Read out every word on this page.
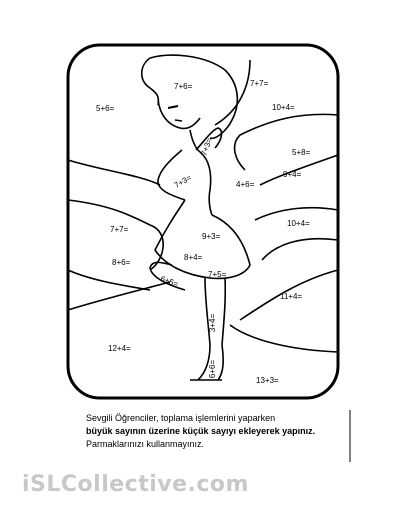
7+6=	7+7=
5+6=	10+4=
5+8=
7+3=
7+3=	4+6=
9+4=
10+4=
7+7=
9+3=
8+6=
8+4=
7+5=
6+5=
11+4=
3+4=
12+4=
6+6=
13+3=
Sevgili Öğrenciler, toplama işlemlerini yaparken
büyük sayının üzerine küçük sayıyı ekleyerek yapınız.
Parmaklarınızı kullanmayınız.
iSLCollective.com
